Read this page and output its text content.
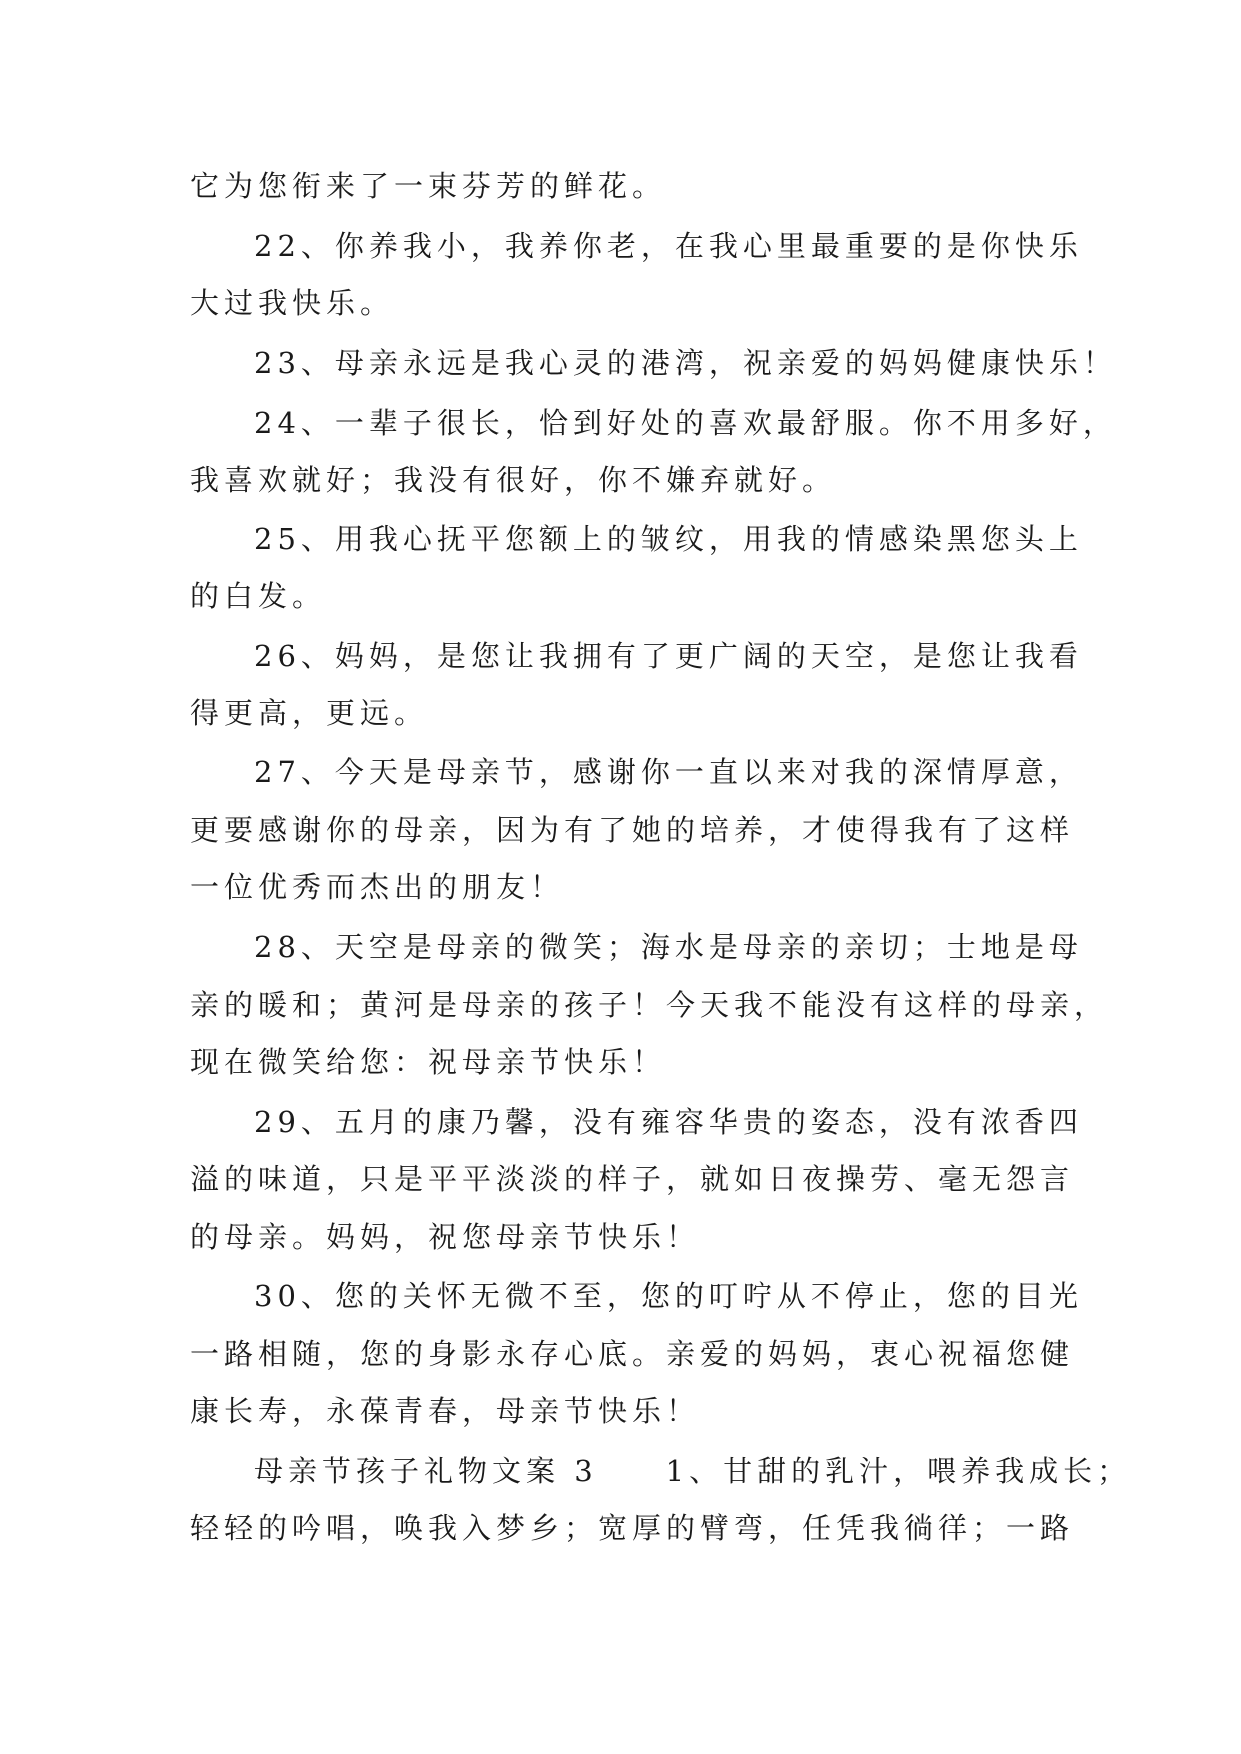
它为您衔来了一束芬芳的鲜花。
22、你养我小，我养你老，在我心里最重要的是你快乐
大过我快乐。
23、母亲永远是我心灵的港湾，祝亲爱的妈妈健康快乐！
24、一辈子很长，恰到好处的喜欢最舒服。你不用多好，
我喜欢就好；我没有很好，你不嫌弃就好。
25、用我心抚平您额上的皱纹，用我的情感染黑您头上
的白发。
26、妈妈，是您让我拥有了更广阔的天空，是您让我看
得更高，更远。
27、今天是母亲节，感谢你一直以来对我的深情厚意，
更要感谢你的母亲，因为有了她的培养，才使得我有了这样
一位优秀而杰出的朋友！
28、天空是母亲的微笑；海水是母亲的亲切；士地是母
亲的暖和；黄河是母亲的孩子！今天我不能没有这样的母亲，
现在微笑给您：祝母亲节快乐！
29、五月的康乃馨，没有雍容华贵的姿态，没有浓香四
溢的味道，只是平平淡淡的样子，就如日夜操劳、毫无怨言
的母亲。妈妈，祝您母亲节快乐！
30、您的关怀无微不至，您的叮咛从不停止，您的目光
一路相随，您的身影永存心底。亲爱的妈妈，衷心祝福您健
康长寿，永葆青春，母亲节快乐！
母亲节孩子礼物文案 3　　1、甘甜的乳汁，喂养我成长；
轻轻的吟唱，唤我入梦乡；宽厚的臂弯，任凭我徜徉；一路
